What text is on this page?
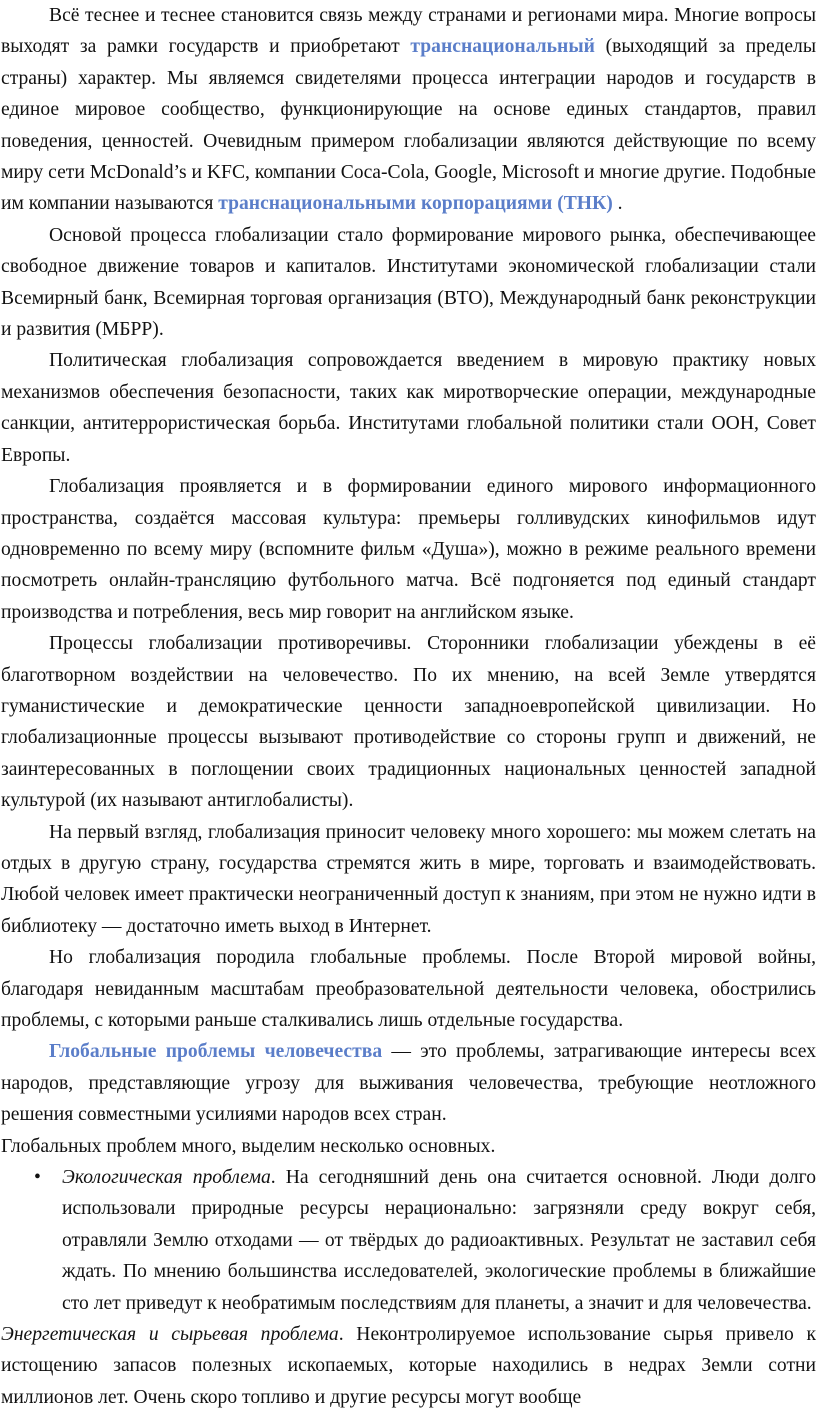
Всё теснее и теснее становится связь между странами и регионами мира. Многие вопросы выходят за рамки государств и приобретают транснациональный (выходящий за пределы страны) характер. Мы являемся свидетелями процесса интеграции народов и государств в единое мировое сообщество, функционирующие на основе единых стандартов, правил поведения, ценностей. Очевидным примером глобализации являются действующие по всему миру сети McDonald’s и KFC, компании Coca-Cola, Google, Microsoft и многие другие. Подобные им компании называются транснациональными корпорациями (ТНК) .

Основой процесса глобализации стало формирование мирового рынка, обеспечивающее свободное движение товаров и капиталов. Институтами экономической глобализации стали Всемирный банк, Всемирная торговая организация (ВТО), Международный банк реконструкции и развития (МБРР).

Политическая глобализация сопровождается введением в мировую практику новых механизмов обеспечения безопасности, таких как миротворческие операции, международные санкции, антитеррористическая борьба. Институтами глобальной политики стали ООН, Совет Европы.

Глобализация проявляется и в формировании единого мирового информационного пространства, создаётся массовая культура: премьеры голливудских кинофильмов идут одновременно по всему миру (вспомните фильм «Душа»), можно в режиме реального времени посмотреть онлайн-трансляцию футбольного матча. Всё подгоняется под единый стандарт производства и потребления, весь мир говорит на английском языке.

Процессы глобализации противоречивы. Сторонники глобализации убеждены в её благотворном воздействии на человечество. По их мнению, на всей Земле утвердятся гуманистические и демократические ценности западноевропейской цивилизации. Но глобализационные процессы вызывают противодействие со стороны групп и движений, не заинтересованных в поглощении своих традиционных национальных ценностей западной культурой (их называют антиглобалисты).

На первый взгляд, глобализация приносит человеку много хорошего: мы можем слетать на отдых в другую страну, государства стремятся жить в мире, торговать и взаимодействовать. Любой человек имеет практически неограниченный доступ к знаниям, при этом не нужно идти в библиотеку — достаточно иметь выход в Интернет.

Но глобализация породила глобальные проблемы. После Второй мировой войны, благодаря невиданным масштабам преобразовательной деятельности человека, обострились проблемы, с которыми раньше сталкивались лишь отдельные государства.

Глобальные проблемы человечества — это проблемы, затрагивающие интересы всех народов, представляющие угрозу для выживания человечества, требующие неотложного решения совместными усилиями народов всех стран.

Глобальных проблем много, выделим несколько основных.

• Экологическая проблема. На сегодняшний день она считается основной. Люди долго использовали природные ресурсы нерационально: загрязняли среду вокруг себя, отравляли Землю отходами — от твёрдых до радиоактивных. Результат не заставил себя ждать. По мнению большинства исследователей, экологические проблемы в ближайшие сто лет приведут к необратимым последствиям для планеты, а значит и для человечества.

Энергетическая и сырьевая проблема. Неконтролируемое использование сырья привело к истощению запасов полезных ископаемых, которые находились в недрах Земли сотни миллионов лет. Очень скоро топливо и другие ресурсы могут вообще
